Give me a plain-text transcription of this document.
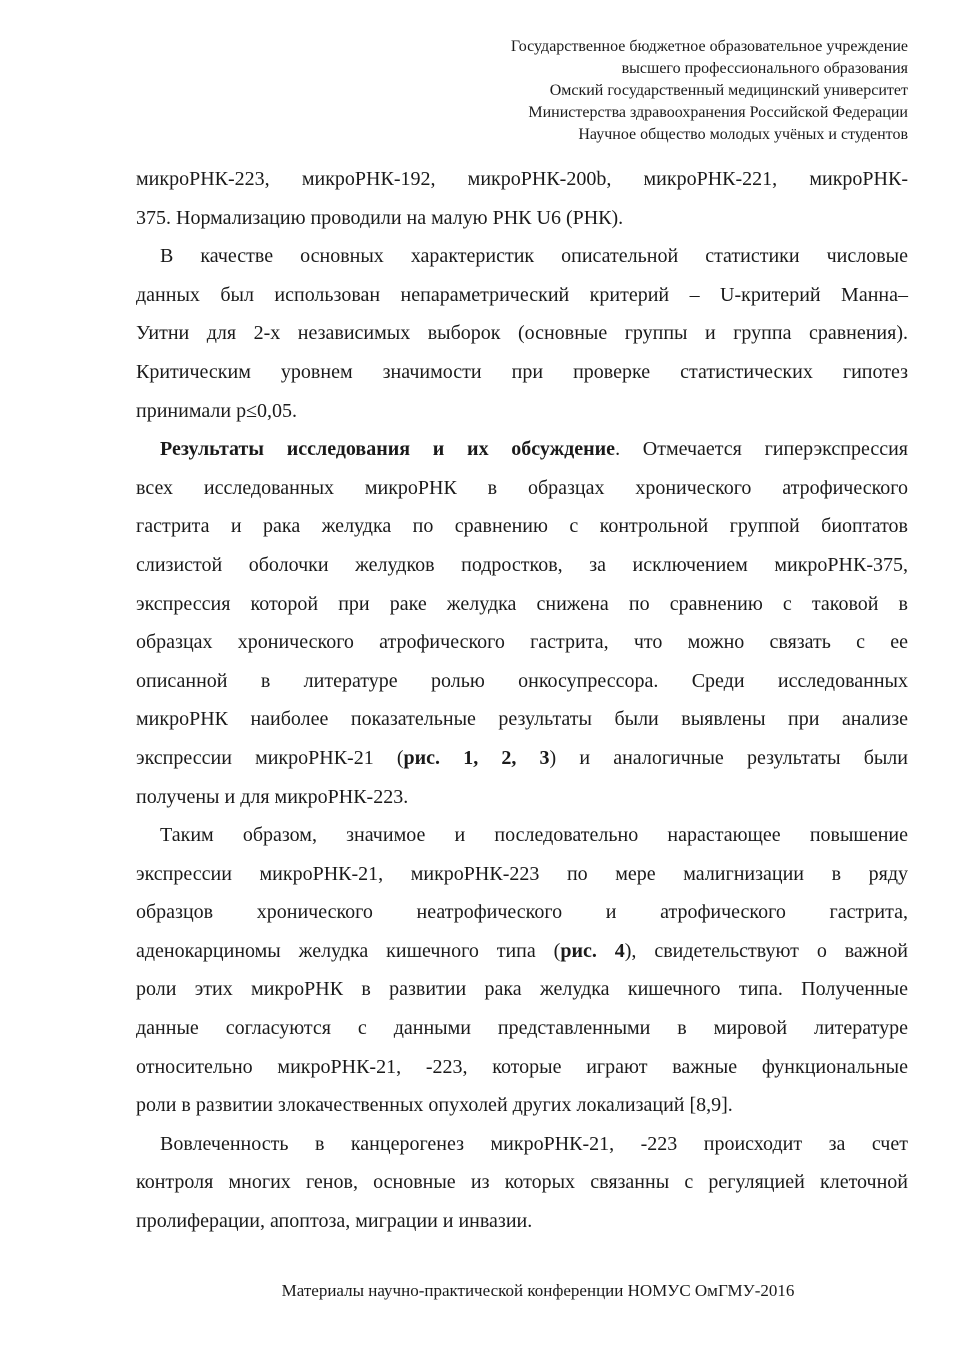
Государственное бюджетное образовательное учреждение
высшего профессионального образования
Омский государственный медицинский университет
Министерства здравоохранения Российской Федерации
Научное общество молодых учёных и студентов
микроРНК-223, микроРНК-192, микроРНК-200b, микроРНК-221, микроРНК-
375. Нормализацию проводили на малую РНК U6 (РНК).
В качестве основных характеристик описательной статистики числовые
данных был использован непараметрический критерий – U-критерий Манна–
Уитни для 2-х независимых выборок (основные группы и группа сравнения).
Критическим уровнем значимости при проверке статистических гипотез
принимали р≤0,05.
Результаты исследования и их обсуждение. Отмечается гиперэкспрессия
всех исследованных микроРНК в образцах хронического атрофического
гастрита и рака желудка по сравнению с контрольной группой биоптатов
слизистой оболочки желудков подростков, за исключением микроРНК-375,
экспрессия которой при раке желудка снижена по сравнению с таковой в
образцах хронического атрофического гастрита, что можно связать с ее
описанной в литературе ролью онкосупрессора. Среди исследованных
микроРНК наиболее показательные результаты были выявлены при анализе
экспрессии микроРНК-21 (рис. 1, 2, 3) и аналогичные результаты были
получены и для микроРНК-223.
Таким образом, значимое и последовательно нарастающее повышение
экспрессии микроРНК-21, микроРНК-223 по мере малигнизации в ряду
образцов хронического неатрофического и атрофического гастрита,
аденокарциномы желудка кишечного типа (рис. 4), свидетельствуют о важной
роли этих микроРНК в развитии рака желудка кишечного типа. Полученные
данные согласуются с данными представленными в мировой литературе
относительно микроРНК-21, -223, которые играют важные функциональные
роли в развитии злокачественных опухолей других локализаций [8,9].
Вовлеченность в канцерогенез микроРНК-21, -223 происходит за счет
контроля многих генов, основные из которых связанны с регуляцией клеточной
пролиферации, апоптоза, миграции и инвазии.
Материалы научно-практической конференции НОМУС ОмГМУ-2016
